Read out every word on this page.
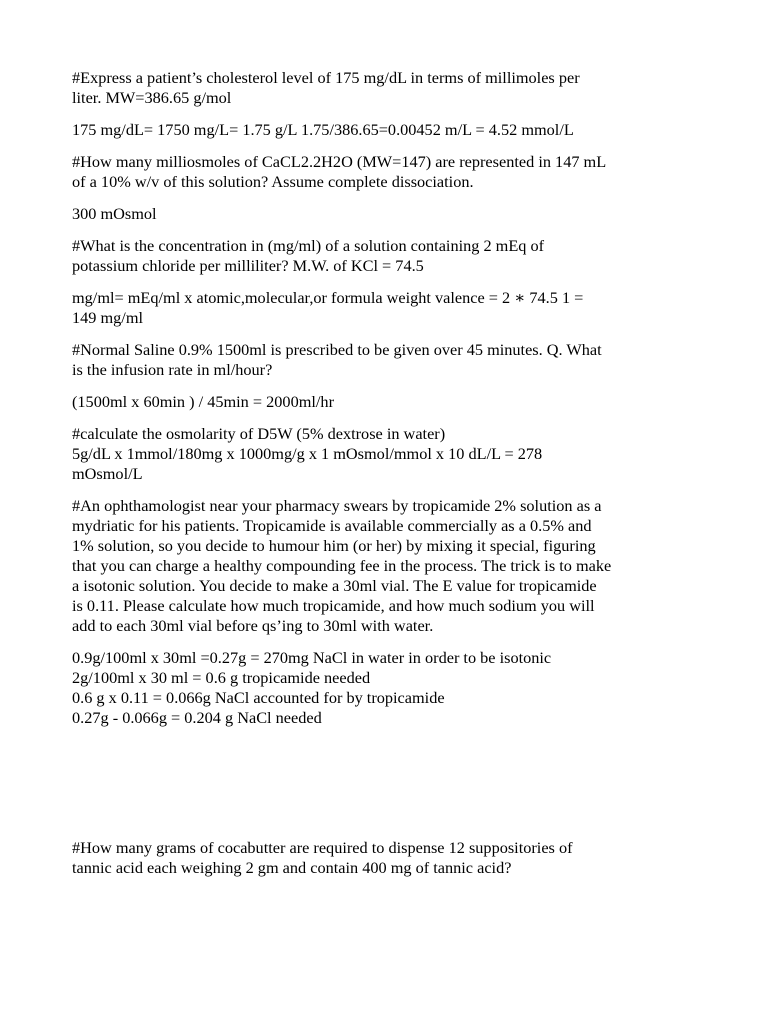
#Express a patient’s cholesterol level of 175 mg/dL in terms of millimoles per
liter. MW=386.65 g/mol
175 mg/dL= 1750 mg/L= 1.75 g/L 1.75/386.65=0.00452 m/L = 4.52 mmol/L
#How many milliosmoles of CaCL2.2H2O (MW=147) are represented in 147 mL
of a 10% w/v of this solution? Assume complete dissociation.
300 mOsmol
#What is the concentration in (mg/ml) of a solution containing 2 mEq of
potassium chloride per milliliter? M.W. of KCl = 74.5
mg/ml= mEq/ml x atomic,molecular,or formula weight valence = 2 ∗ 74.5 1 =
149 mg/ml
#Normal Saline 0.9% 1500ml is prescribed to be given over 45 minutes. Q. What
is the infusion rate in ml/hour?
(1500ml x 60min ) / 45min = 2000ml/hr
#calculate the osmolarity of D5W (5% dextrose in water)
5g/dL x 1mmol/180mg x 1000mg/g x 1 mOsmol/mmol x 10 dL/L = 278
mOsmol/L
#An ophthamologist near your pharmacy swears by tropicamide 2% solution as a
mydriatic for his patients. Tropicamide is available commercially as a 0.5% and
1% solution, so you decide to humour him (or her) by mixing it special, figuring
that you can charge a healthy compounding fee in the process. The trick is to make
a isotonic solution. You decide to make a 30ml vial. The E value for tropicamide
is 0.11. Please calculate how much tropicamide, and how much sodium you will
add to each 30ml vial before qs’ing to 30ml with water.
0.9g/100ml x 30ml =0.27g = 270mg NaCl in water in order to be isotonic
2g/100ml x 30 ml = 0.6 g tropicamide needed
0.6 g x 0.11 = 0.066g NaCl accounted for by tropicamide
0.27g - 0.066g = 0.204 g NaCl needed
#How many grams of cocabutter are required to dispense 12 suppositories of
tannic acid each weighing 2 gm and contain 400 mg of tannic acid?
